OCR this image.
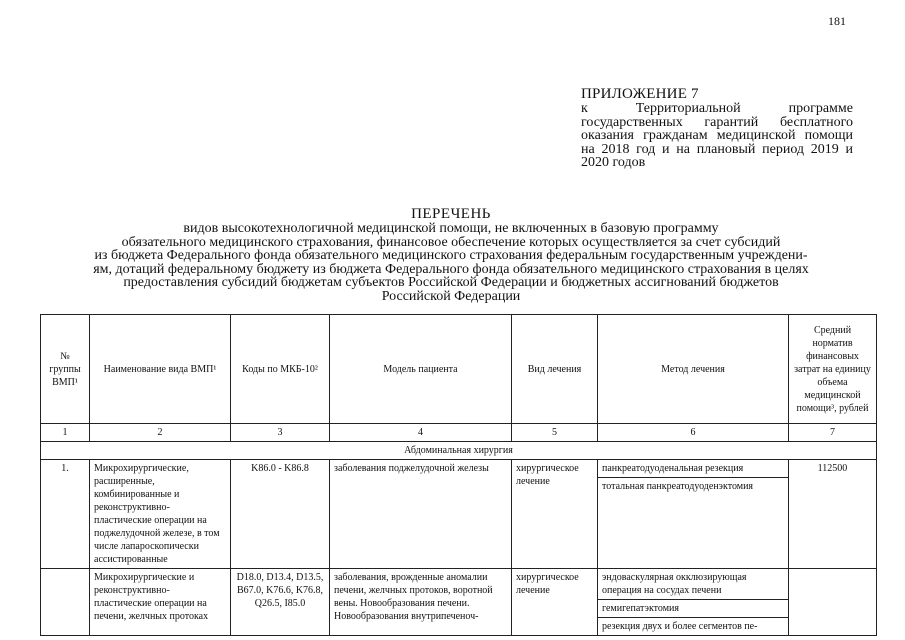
181
ПРИЛОЖЕНИЕ 7
к Территориальной программе государственных гарантий бесплатного оказания гражданам медицинской помощи на 2018 год и на плановый период 2019 и 2020 годов
ПЕРЕЧЕНЬ
видов высокотехнологичной медицинской помощи, не включенных в базовую программу
обязательного медицинского страхования, финансовое обеспечение которых осуществляется за счет субсидий
из бюджета Федерального фонда обязательного медицинского страхования федеральным государственным учреждени-
ям, дотаций федеральному бюджету из бюджета Федерального фонда обязательного медицинского страхования в целях
предоставления субсидий бюджетам субъектов Российской Федерации и бюджетных ассигнований бюджетов
Российской Федерации
№ группы ВМП¹	Наименование вида ВМП¹	Коды по МКБ-10²	Модель пациента	Вид лечения	Метод лечения	Средний норматив финансовых затрат на единицу объема медицинской помощи³, рублей
1	2	3	4	5	6	7
Абдоминальная хирургия						
1.	Микрохирургические, расширенные, комбинированные и реконструктивно-пластические операции на поджелудочной железе, в том числе лапароскопически ассистированные	K86.0 - K86.8	заболевания поджелудочной железы	хирургическое лечение	панкреатодуоденальная резекция
тотальная панкреатодуоденэктомия	112500
	Микрохирургические и реконструктивно-пластические операции на печени, желчных протоках	D18.0, D13.4, D13.5, B67.0, K76.6, K76.8, Q26.5, I85.0	заболевания, врожденные аномалии печени, желчных протоков, воротной вены. Новообразования печени. Новообразования внутрипеченоч-	хирургическое лечение	эндоваскулярная окклюзирующая операция на сосудах печени
гемигепатэктомия
резекция двух и более сегментов пе-	
